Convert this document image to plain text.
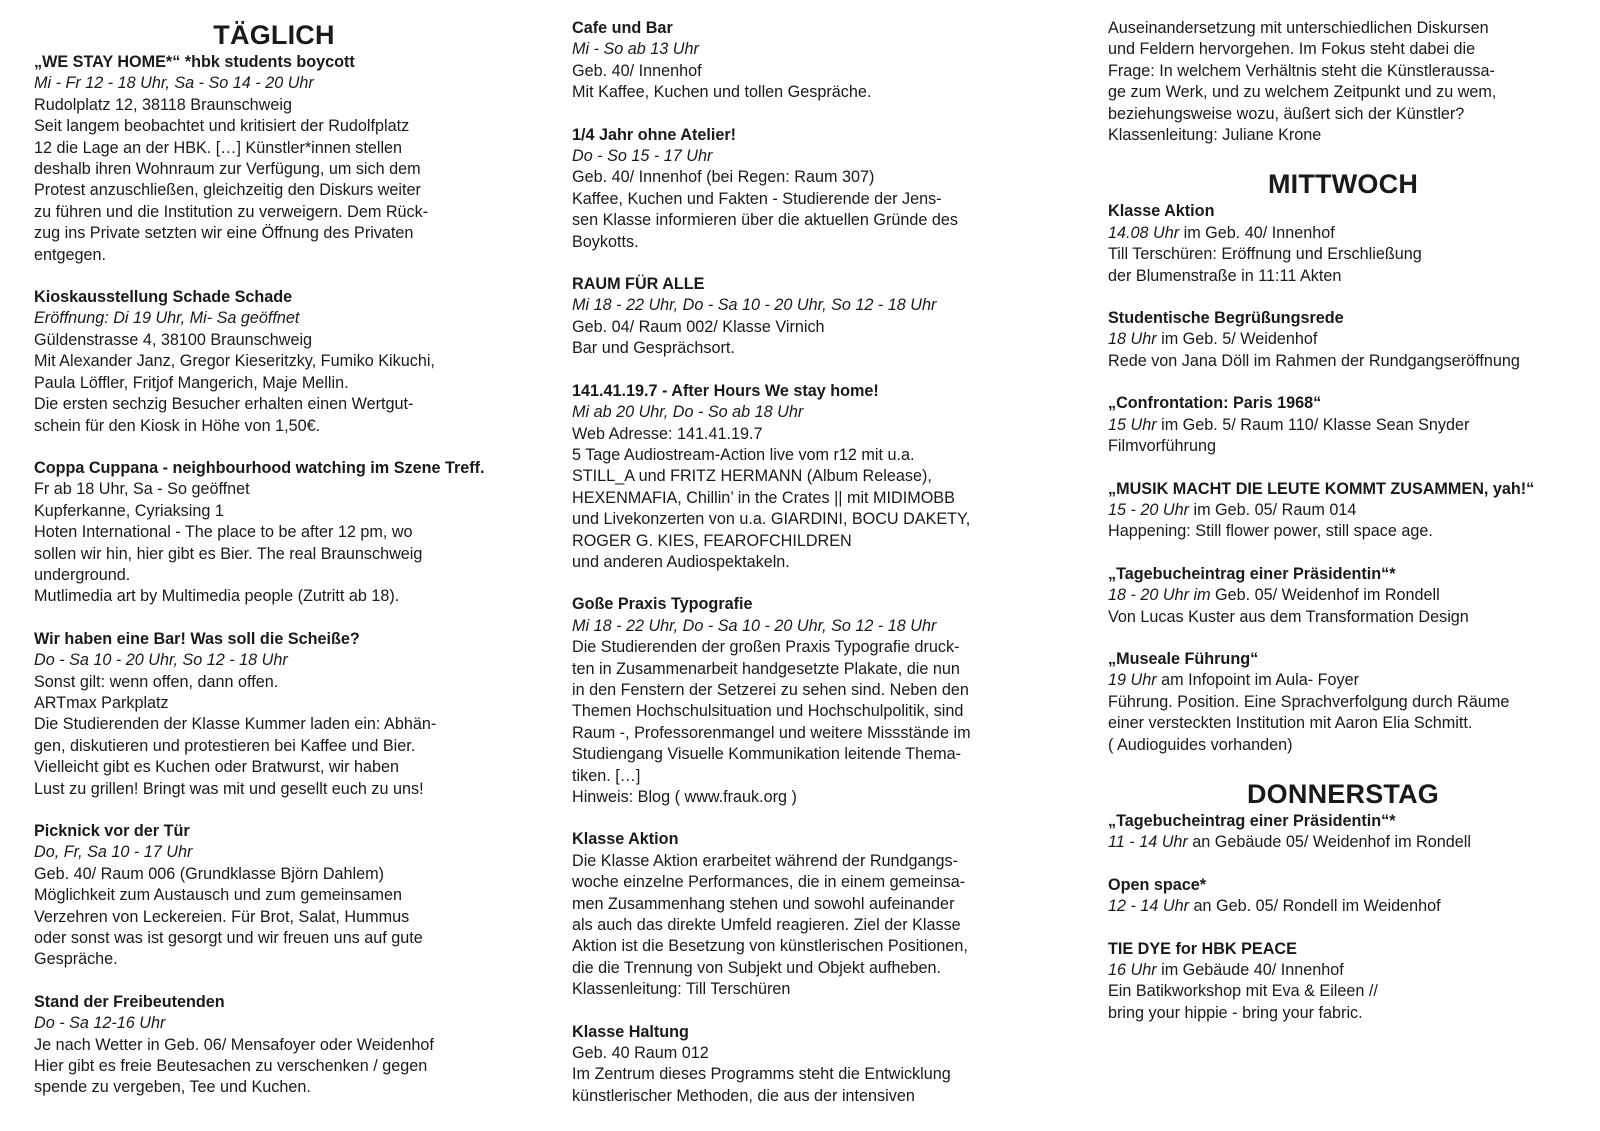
TÄGLICH
„WE STAY HOME*“ *hbk students boycott
Mi - Fr 12 - 18 Uhr, Sa - So 14 - 20 Uhr
Rudolplatz 12, 38118 Braunschweig
Seit langem beobachtet und kritisiert der Rudolfplatz
12 die Lage an der HBK. […] Künstler*innen stellen
deshalb ihren Wohnraum zur Verfügung, um sich dem
Protest anzuschließen, gleichzeitig den Diskurs weiter
zu führen und die Institution zu verweigern. Dem Rück-
zug ins Private setzten wir eine Öffnung des Privaten
entgegen.
Kioskausstellung Schade Schade
Eröffnung: Di 19 Uhr, Mi- Sa geöffnet
Güldenstrasse 4, 38100 Braunschweig
Mit Alexander Janz, Gregor Kieseritzky, Fumiko Kikuchi,
Paula Löffler, Fritjof Mangerich, Maje Mellin.
Die ersten sechzig Besucher erhalten einen Wertgut-
schein für den Kiosk in Höhe von 1,50€.
Coppa Cuppana - neighbourhood watching im Szene Treff.
Fr ab 18 Uhr, Sa - So geöffnet
Kupferkanne, Cyriaksing 1
Hoten International - The place to be after 12 pm, wo
sollen wir hin, hier gibt es Bier. The real Braunschweig
underground.
Mutlimedia art by Multimedia people (Zutritt ab 18).
Wir haben eine Bar! Was soll die Scheiße?
Do - Sa 10 - 20 Uhr, So 12 - 18 Uhr
Sonst gilt: wenn offen, dann offen.
ARTmax Parkplatz
Die Studierenden der Klasse Kummer laden ein: Abhän-
gen, diskutieren und protestieren bei Kaffee und Bier.
Vielleicht gibt es Kuchen oder Bratwurst, wir haben
Lust zu grillen! Bringt was mit und gesellt euch zu uns!
Picknick vor der Tür
Do, Fr, Sa 10 - 17 Uhr
Geb. 40/ Raum 006 (Grundklasse Björn Dahlem)
Möglichkeit zum Austausch und zum gemeinsamen
Verzehren von Leckereien. Für Brot, Salat, Hummus
oder sonst was ist gesorgt und wir freuen uns auf gute
Gespräche.
Stand der Freibeutenden
Do - Sa 12-16 Uhr
Je nach Wetter in Geb. 06/ Mensafoyer oder Weidenhof
Hier gibt es freie Beutesachen zu verschenken / gegen
spende zu vergeben, Tee und Kuchen.
Cafe und Bar
Mi - So ab 13 Uhr
Geb. 40/ Innenhof
Mit Kaffee, Kuchen und tollen Gespräche.
1/4 Jahr ohne Atelier!
Do - So 15 - 17 Uhr
Geb. 40/ Innenhof (bei Regen: Raum 307)
Kaffee, Kuchen und Fakten - Studierende der Jens-
sen Klasse informieren über die aktuellen Gründe des
Boykotts.
RAUM FÜR ALLE
Mi 18 - 22 Uhr, Do - Sa 10 - 20 Uhr, So 12 - 18 Uhr
Geb. 04/ Raum 002/ Klasse Virnich
Bar und Gesprächsort.
141.41.19.7 - After Hours We stay home!
Mi ab 20 Uhr, Do - So ab 18 Uhr
Web Adresse: 141.41.19.7
5 Tage Audiostream-Action live vom r12 mit u.a.
STILL_A und FRITZ HERMANN (Album Release),
HEXENMAFIA, Chillin’ in the Crates || mit MIDIMOBB
und Livekonzerten von u.a. GIARDINI, BOCU DAKETY,
ROGER G. KIES, FEAROFCHILDREN
und anderen Audiospektakeln.
Goße Praxis Typografie
Mi 18 - 22 Uhr, Do - Sa 10 - 20 Uhr, So 12 - 18 Uhr
Die Studierenden der großen Praxis Typografie druck-
ten in Zusammenarbeit handgesetzte Plakate, die nun
in den Fenstern der Setzerei zu sehen sind. Neben den
Themen Hochschulsituation und Hochschulpolitik, sind
Raum -, Professorenmangel und weitere Missstände im
Studiengang Visuelle Kommunikation leitende Thema-
tiken. […]
Hinweis: Blog ( www.frauk.org )
Klasse Aktion
Die Klasse Aktion erarbeitet während der Rundgangs-
woche einzelne Performances, die in einem gemeinsa-
men Zusammenhang stehen und sowohl aufeinander
als auch das direkte Umfeld reagieren. Ziel der Klasse
Aktion ist die Besetzung von künstlerischen Positionen,
die die Trennung von Subjekt und Objekt aufheben.
Klassenleitung: Till Terschüren
Klasse Haltung
Geb. 40 Raum 012
Im Zentrum dieses Programms steht die Entwicklung
künstlerischer Methoden, die aus der intensiven
Auseinandersetzung mit unterschiedlichen Diskursen
und Feldern hervorgehen. Im Fokus steht dabei die
Frage: In welchem Verhältnis steht die Künstleraussa-
ge zum Werk, und zu welchem Zeitpunkt und zu wem,
beziehungsweise wozu, äußert sich der Künstler?
Klassenleitung: Juliane Krone
MITTWOCH
Klasse Aktion
14.08 Uhr im Geb. 40/ Innenhof
Till Terschüren: Eröffnung und Erschließung
der Blumenstraße in 11:11 Akten
Studentische Begrüßungsrede
18 Uhr im Geb. 5/ Weidenhof
Rede von Jana Döll im Rahmen der Rundgangseröffnung
„Confrontation: Paris 1968“
15 Uhr im Geb. 5/ Raum 110/ Klasse Sean Snyder
Filmvorführung
„MUSIK MACHT DIE LEUTE KOMMT ZUSAMMEN, yah!“
15 - 20 Uhr im Geb. 05/ Raum 014
Happening: Still flower power, still space age.
„Tagebucheintrag einer Präsidentin“*
18 - 20 Uhr im Geb. 05/ Weidenhof im Rondell
Von Lucas Kuster aus dem Transformation Design
„Museale Führung“
19 Uhr am Infopoint im Aula- Foyer
Führung. Position. Eine Sprachverfolgung durch Räume
einer versteckten Institution mit Aaron Elia Schmitt.
( Audioguides vorhanden)
DONNERSTAG
„Tagebucheintrag einer Präsidentin“*
11 - 14 Uhr an Gebäude 05/ Weidenhof im Rondell
Open space*
12 - 14 Uhr an Geb. 05/ Rondell im Weidenhof
TIE DYE for HBK PEACE
16 Uhr im Gebäude 40/ Innenhof
Ein Batikworkshop mit Eva & Eileen //
bring your hippie - bring your fabric.
